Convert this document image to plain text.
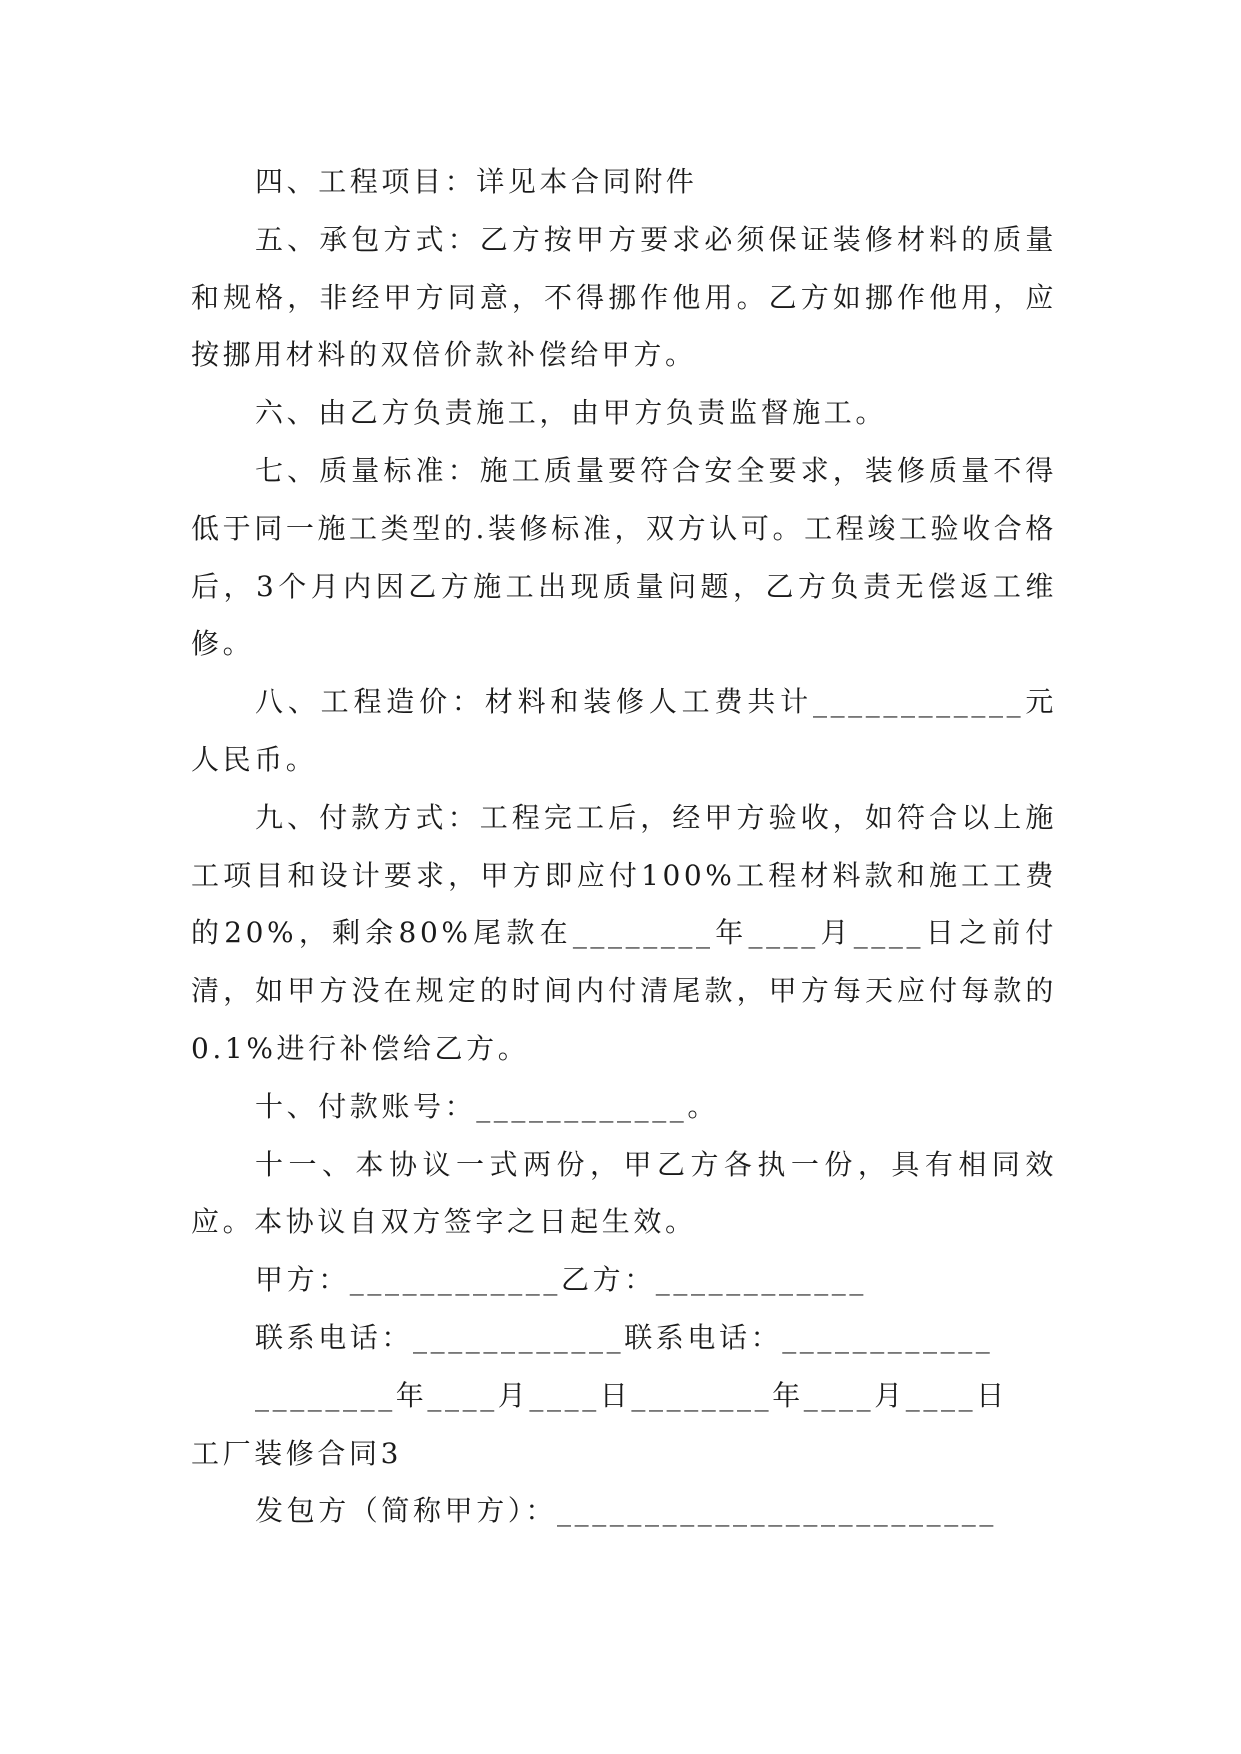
四、工程项目：详见本合同附件

五、承包方式：乙方按甲方要求必须保证装修材料的质量和规格，非经甲方同意，不得挪作他用。乙方如挪作他用，应按挪用材料的双倍价款补偿给甲方。

六、由乙方负责施工，由甲方负责监督施工。

七、质量标准：施工质量要符合安全要求，装修质量不得低于同一施工类型的.装修标准，双方认可。工程竣工验收合格后，3个月内因乙方施工出现质量问题，乙方负责无偿返工维修。

八、工程造价：材料和装修人工费共计____________元人民币。

九、付款方式：工程完工后，经甲方验收，如符合以上施工项目和设计要求，甲方即应付100%工程材料款和施工工费的20%，剩余80%尾款在________年____月____日之前付清，如甲方没在规定的时间内付清尾款，甲方每天应付每款的0.1%进行补偿给乙方。

十、付款账号：____________。

十一、本协议一式两份，甲乙方各执一份，具有相同效应。本协议自双方签字之日起生效。

甲方：____________乙方：____________

联系电话：____________联系电话：____________

________年____月____日________年____月____日

工厂装修合同3

发包方（简称甲方）：_________________________
